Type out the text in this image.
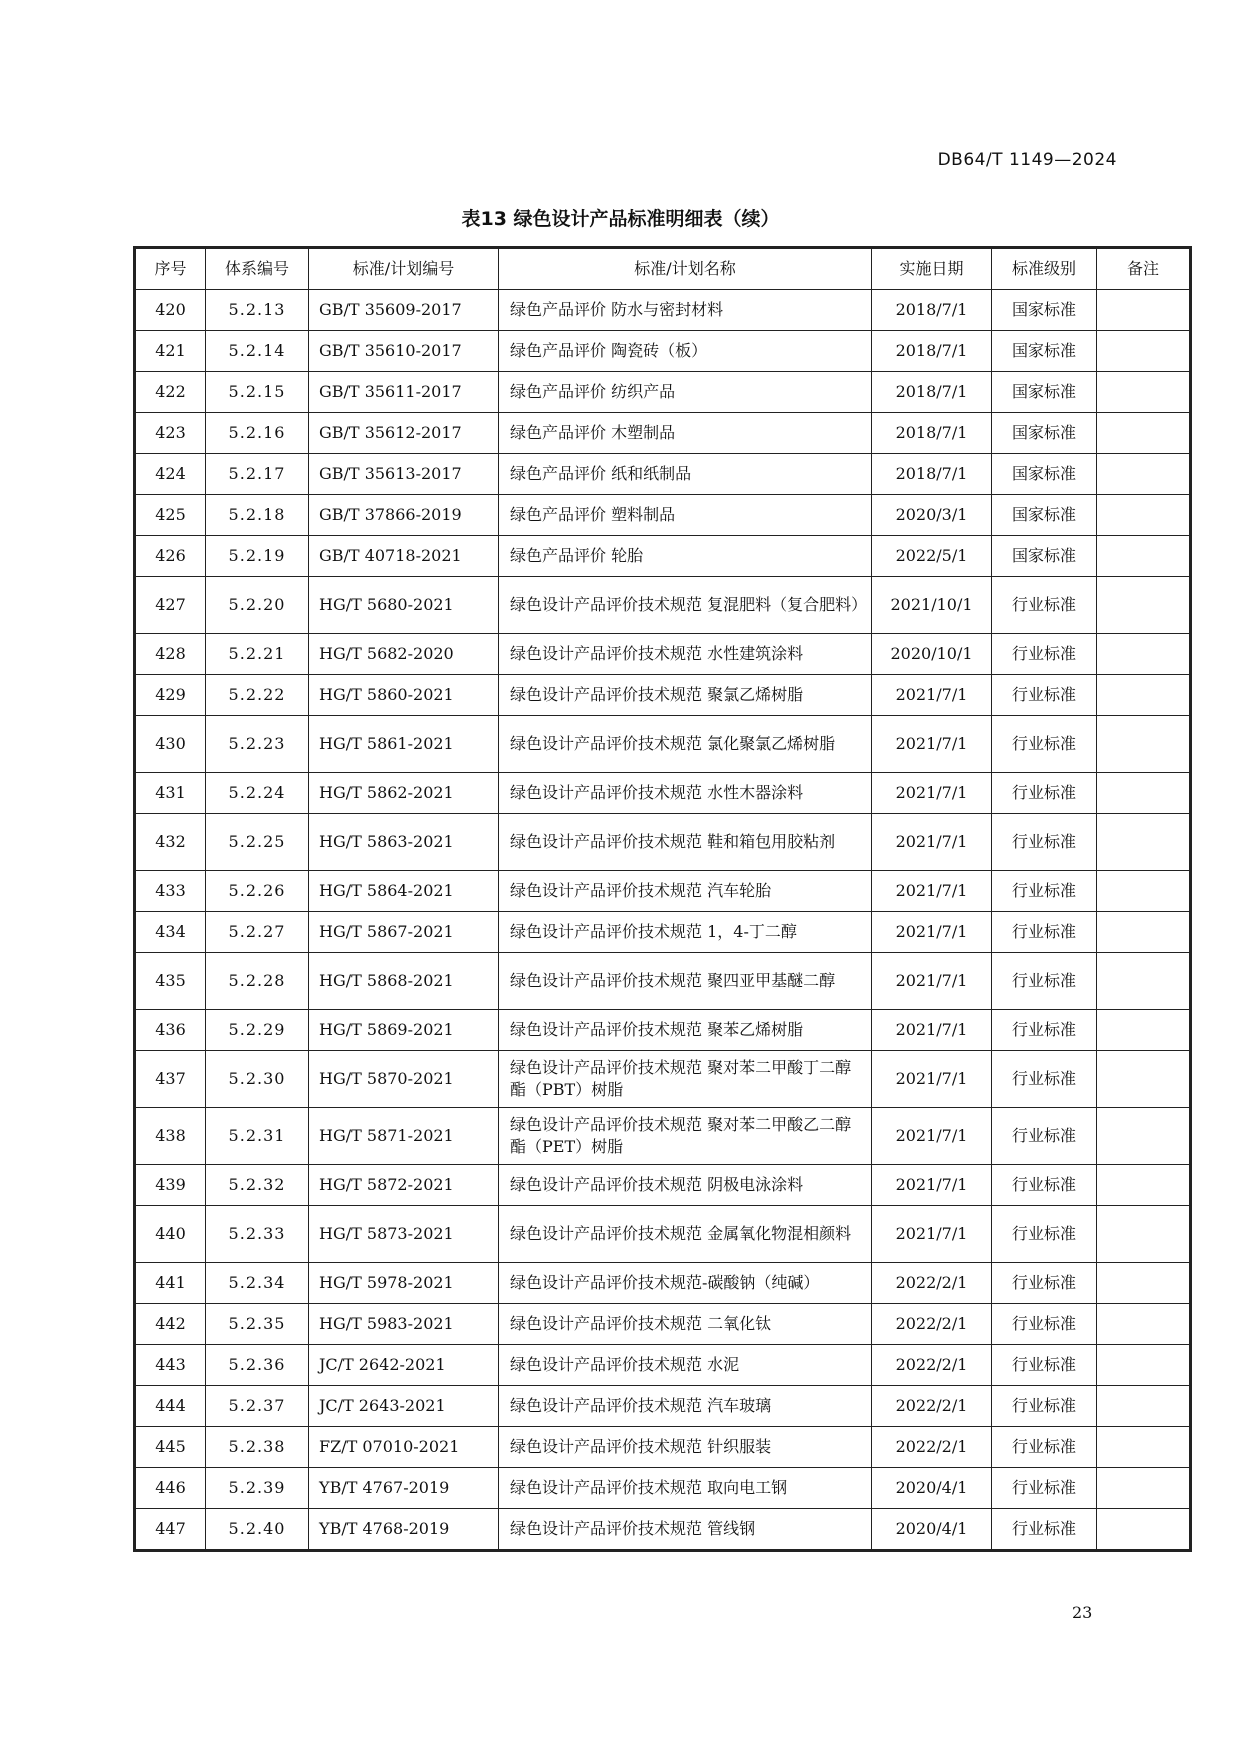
DB64/T 1149—2024
表13 绿色设计产品标准明细表（续）
序号	体系编号	标准/计划编号	标准/计划名称	实施日期	标准级别	备注
420	5.2.13	GB/T 35609-2017	绿色产品评价 防水与密封材料	2018/7/1	国家标准	
421	5.2.14	GB/T 35610-2017	绿色产品评价 陶瓷砖（板）	2018/7/1	国家标准	
422	5.2.15	GB/T 35611-2017	绿色产品评价 纺织产品	2018/7/1	国家标准	
423	5.2.16	GB/T 35612-2017	绿色产品评价 木塑制品	2018/7/1	国家标准	
424	5.2.17	GB/T 35613-2017	绿色产品评价 纸和纸制品	2018/7/1	国家标准	
425	5.2.18	GB/T 37866-2019	绿色产品评价 塑料制品	2020/3/1	国家标准	
426	5.2.19	GB/T 40718-2021	绿色产品评价 轮胎	2022/5/1	国家标准	
427	5.2.20	HG/T 5680-2021	绿色设计产品评价技术规范 复混肥料（复合肥料）	2021/10/1	行业标准	
428	5.2.21	HG/T 5682-2020	绿色设计产品评价技术规范 水性建筑涂料	2020/10/1	行业标准	
429	5.2.22	HG/T 5860-2021	绿色设计产品评价技术规范 聚氯乙烯树脂	2021/7/1	行业标准	
430	5.2.23	HG/T 5861-2021	绿色设计产品评价技术规范 氯化聚氯乙烯树脂	2021/7/1	行业标准	
431	5.2.24	HG/T 5862-2021	绿色设计产品评价技术规范 水性木器涂料	2021/7/1	行业标准	
432	5.2.25	HG/T 5863-2021	绿色设计产品评价技术规范 鞋和箱包用胶粘剂	2021/7/1	行业标准	
433	5.2.26	HG/T 5864-2021	绿色设计产品评价技术规范 汽车轮胎	2021/7/1	行业标准	
434	5.2.27	HG/T 5867-2021	绿色设计产品评价技术规范 1，4-丁二醇	2021/7/1	行业标准	
435	5.2.28	HG/T 5868-2021	绿色设计产品评价技术规范 聚四亚甲基醚二醇	2021/7/1	行业标准	
436	5.2.29	HG/T 5869-2021	绿色设计产品评价技术规范 聚苯乙烯树脂	2021/7/1	行业标准	
437	5.2.30	HG/T 5870-2021	绿色设计产品评价技术规范 聚对苯二甲酸丁二醇酯（PBT）树脂	2021/7/1	行业标准	
438	5.2.31	HG/T 5871-2021	绿色设计产品评价技术规范 聚对苯二甲酸乙二醇酯（PET）树脂	2021/7/1	行业标准	
439	5.2.32	HG/T 5872-2021	绿色设计产品评价技术规范 阴极电泳涂料	2021/7/1	行业标准	
440	5.2.33	HG/T 5873-2021	绿色设计产品评价技术规范 金属氧化物混相颜料	2021/7/1	行业标准	
441	5.2.34	HG/T 5978-2021	绿色设计产品评价技术规范-碳酸钠（纯碱）	2022/2/1	行业标准	
442	5.2.35	HG/T 5983-2021	绿色设计产品评价技术规范 二氧化钛	2022/2/1	行业标准	
443	5.2.36	JC/T 2642-2021	绿色设计产品评价技术规范 水泥	2022/2/1	行业标准	
444	5.2.37	JC/T 2643-2021	绿色设计产品评价技术规范 汽车玻璃	2022/2/1	行业标准	
445	5.2.38	FZ/T 07010-2021	绿色设计产品评价技术规范 针织服装	2022/2/1	行业标准	
446	5.2.39	YB/T 4767-2019	绿色设计产品评价技术规范 取向电工钢	2020/4/1	行业标准	
447	5.2.40	YB/T 4768-2019	绿色设计产品评价技术规范 管线钢	2020/4/1	行业标准	
23
